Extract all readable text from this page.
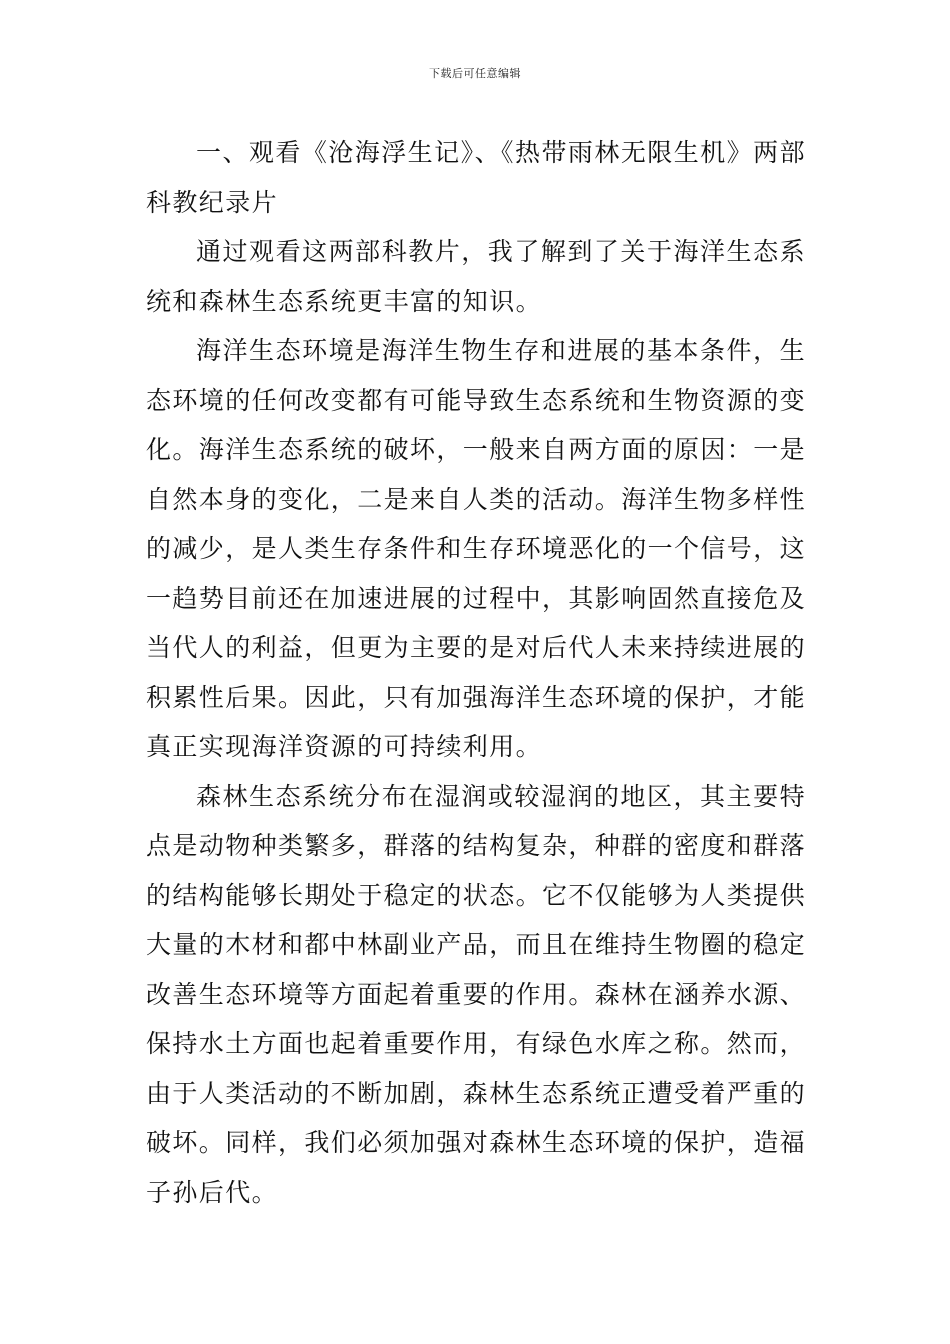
下载后可任意编辑

一、观看《沧海浮生记》、《热带雨林无限生机》两部科教纪录片

通过观看这两部科教片，我了解到了关于海洋生态系统和森林生态系统更丰富的知识。

海洋生态环境是海洋生物生存和进展的基本条件，生态环境的任何改变都有可能导致生态系统和生物资源的变化。海洋生态系统的破坏，一般来自两方面的原因：一是自然本身的变化，二是来自人类的活动。海洋生物多样性的减少，是人类生存条件和生存环境恶化的一个信号，这一趋势目前还在加速进展的过程中，其影响固然直接危及当代人的利益，但更为主要的是对后代人未来持续进展的积累性后果。因此，只有加强海洋生态环境的保护，才能真正实现海洋资源的可持续利用。

森林生态系统分布在湿润或较湿润的地区，其主要特点是动物种类繁多，群落的结构复杂，种群的密度和群落的结构能够长期处于稳定的状态。它不仅能够为人类提供大量的木材和都中林副业产品，而且在维持生物圈的稳定改善生态环境等方面起着重要的作用。森林在涵养水源、保持水土方面也起着重要作用，有绿色水库之称。然而，由于人类活动的不断加剧，森林生态系统正遭受着严重的破坏。同样，我们必须加强对森林生态环境的保护，造福子孙后代。
